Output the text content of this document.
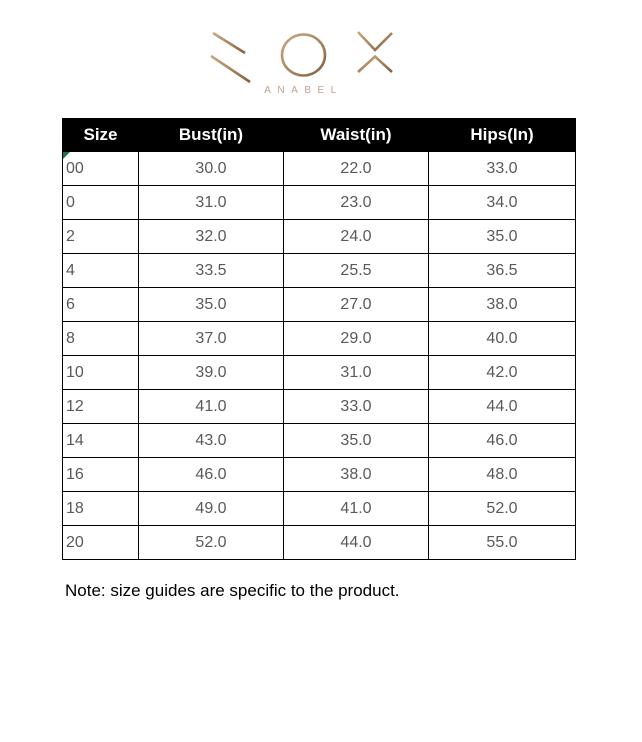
ANABEL
Size	Bust(in)	Waist(in)	Hips(In)

00	30.0	22.0	33.0
0	31.0	23.0	34.0
2	32.0	24.0	35.0
4	33.5	25.5	36.5
6	35.0	27.0	38.0
8	37.0	29.0	40.0
10	39.0	31.0	42.0
12	41.0	33.0	44.0
14	43.0	35.0	46.0
16	46.0	38.0	48.0
18	49.0	41.0	52.0
20	52.0	44.0	55.0
Note: size guides are specific to the product.
